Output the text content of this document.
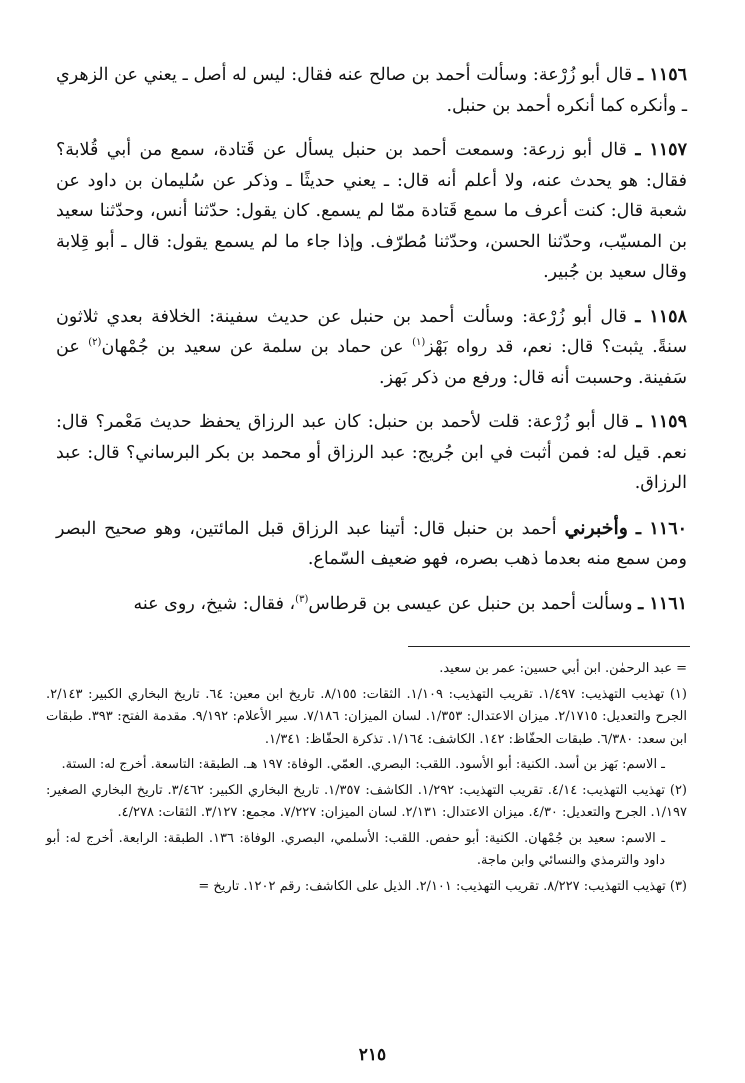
١١٥٦ ـ قال أبو زُرْعة: وسألت أحمد بن صالح عنه فقال: ليس له أصل ـ يعني عن الزهري ـ وأنكره كما أنكره أحمد بن حنبل.

١١٥٧ ـ قال أبو زرعة: وسمعت أحمد بن حنبل يسأل عن قَتادة، سمع من أبي قُلابة؟ فقال: هو يحدث عنه، ولا أعلم أنه قال: ـ يعني حديثًا ـ وذكر عن سُليمان بن داود عن شعبة قال: كنت أعرف ما سمع قَتادة ممّا لم يسمع. كان يقول: حدّثنا أنس، وحدّثنا سعيد بن المسيّب، وحدّثنا الحسن، وحدّثنا مُطرّف. وإذا جاء ما لم يسمع يقول: قال ـ أبو قِلابة وقال سعيد بن جُبير.

١١٥٨ ـ قال أبو زُرْعة: وسألت أحمد بن حنبل عن حديث سفينة: الخلافة بعدي ثلاثون سنةً. يثبت؟ قال: نعم، قد رواه بَهْز$^{(١)}$ عن حماد بن سلمة عن سعيد بن جُمْهان$^{(٢)}$ عن سَفينة. وحسبت أنه قال: ورفع من ذكر بَهز.

١١٥٩ ـ قال أبو زُرْعة: قلت لأحمد بن حنبل: كان عبد الرزاق يحفظ حديث مَعْمر؟ قال: نعم. قيل له: فمن أثبت في ابن جُريج: عبد الرزاق أو محمد بن بكر البرساني؟ قال: عبد الرزاق.

١١٦٠ ـ وأخبرني أحمد بن حنبل قال: أتينا عبد الرزاق قبل المائتين، وهو صحيح البصر ومن سمع منه بعدما ذهب بصره، فهو ضعيف السّماع.

١١٦١ ـ وسألت أحمد بن حنبل عن عيسى بن قرطاس$^{(٣)}$، فقال: شيخ، روى عنه

= عبد الرحمٰن. ابن أبي حسين: عمر بن سعيد.

(١) تهذيب التهذيب: ١/٤٩٧. تقريب التهذيب: ١/١٠٩. الثقات: ٨/١٥٥. تاريخ ابن معين: ٦٤. تاريخ البخاري الكبير: ٢/١٤٣. الجرح والتعديل: ٢/١٧١٥. ميزان الاعتدال: ١/٣٥٣. لسان الميزان: ٧/١٨٦. سير الأعلام: ٩/١٩٢. مقدمة الفتح: ٣٩٣. طبقات ابن سعد: ٦/٣٨٠. طبقات الحفّاظ: ١٤٢. الكاشف: ١/١٦٤. تذكرة الحفّاظ: ١/٣٤١.

ـ الاسم: بَهز بن أسد. الكنية: أبو الأسود. اللقب: البصري. العمّي. الوفاة: ١٩٧ هـ. الطبقة: التاسعة. أخرج له: الستة.

(٢) تهذيب التهذيب: ٤/١٤. تقريب التهذيب: ١/٢٩٢. الكاشف: ١/٣٥٧. تاريخ البخاري الكبير: ٣/٤٦٢. تاريخ البخاري الصغير: ١/١٩٧. الجرح والتعديل: ٤/٣٠. ميزان الاعتدال: ٢/١٣١. لسان الميزان: ٧/٢٢٧. مجمع: ٣/١٢٧. الثقات: ٤/٢٧٨.

ـ الاسم: سعيد بن جُمْهان. الكنية: أبو حفص. اللقب: الأسلمي، البصري. الوفاة: ١٣٦. الطبقة: الرابعة. أخرج له: أبو داود والترمذي والنسائي وابن ماجة.

(٣) تهذيب التهذيب: ٨/٢٢٧. تقريب التهذيب: ٢/١٠١. الذيل على الكاشف: رقم ١٢٠٢. تاريخ =

٢١٥
